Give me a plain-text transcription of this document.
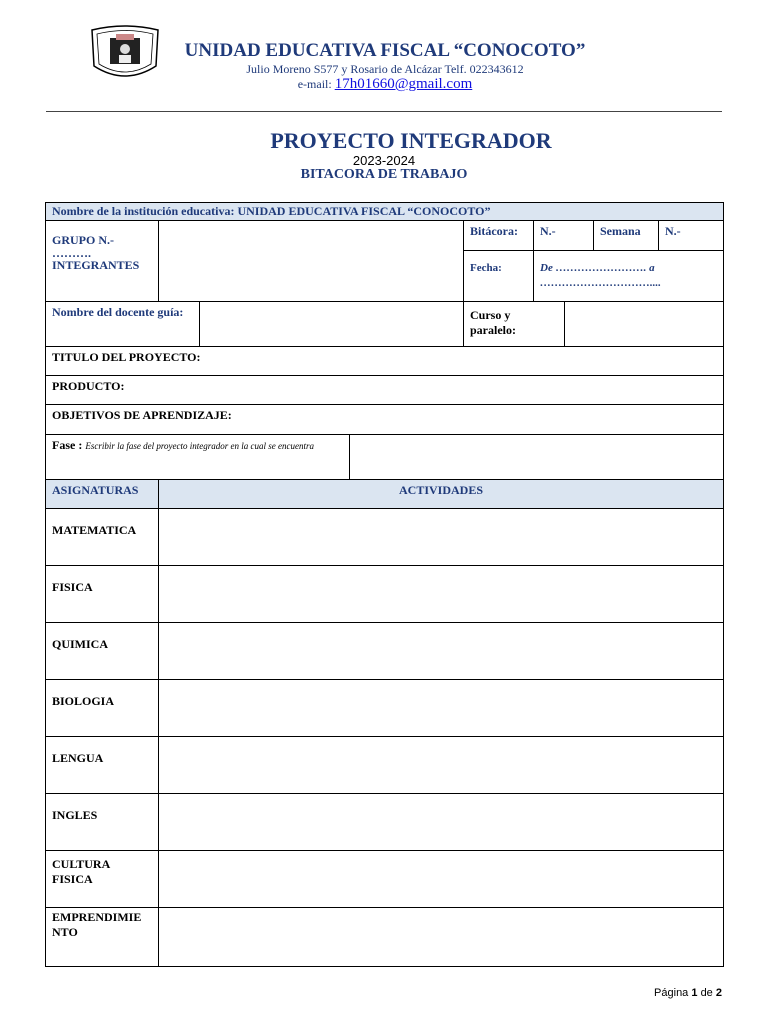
UNIDAD EDUCATIVA FISCAL “CONOCOTO”
Julio Moreno S577 y Rosario de Alcázar Telf. 022343612
e-mail: 17h01660@gmail.com
PROYECTO INTEGRADOR
2023-2024
BITACORA DE TRABAJO
Nombre de la institución educativa: UNIDAD EDUCATIVA FISCAL “CONOCOTO”
GRUPO N.-
……….
INTEGRANTES
Bitácora:	N.-	Semana	N.-
Fecha:	De ……………………. a …………………………....
Nombre del docente guía:	Curso y paralelo:
TITULO DEL PROYECTO:
PRODUCTO:
OBJETIVOS DE APRENDIZAJE:
Fase : Escribir la fase del proyecto integrador en la cual se encuentra
ASIGNATURAS	ACTIVIDADES
MATEMATICA
FISICA
QUIMICA
BIOLOGIA
LENGUA
INGLES
CULTURA FISICA
EMPRENDIMIE NTO
Página 1 de 2
